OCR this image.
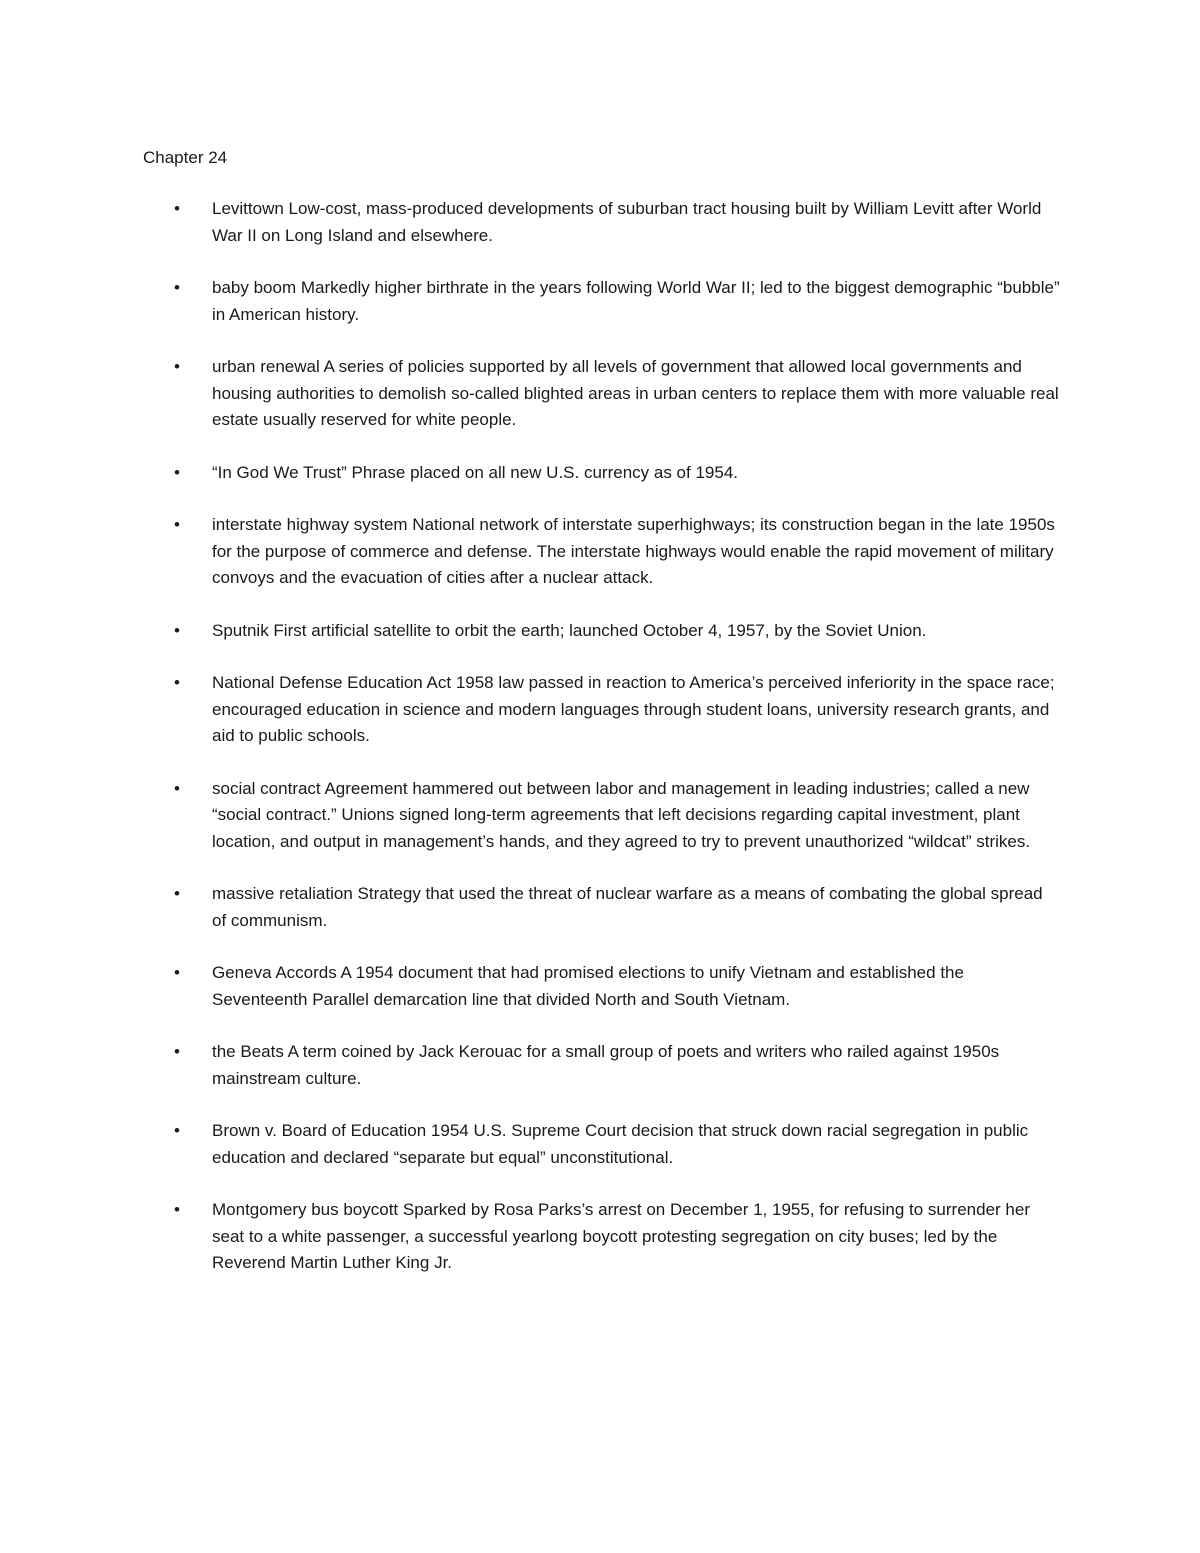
Chapter 24
• Levittown Low-cost, mass-produced developments of suburban tract housing built by William Levitt after World War II on Long Island and elsewhere.
• baby boom Markedly higher birthrate in the years following World War II; led to the biggest demographic “bubble” in American history.
• urban renewal A series of policies supported by all levels of government that allowed local governments and housing authorities to demolish so-called blighted areas in urban centers to replace them with more valuable real estate usually reserved for white people.
• “In God We Trust” Phrase placed on all new U.S. currency as of 1954.
• interstate highway system National network of interstate superhighways; its construction began in the late 1950s for the purpose of commerce and defense. The interstate highways would enable the rapid movement of military convoys and the evacuation of cities after a nuclear attack.
• Sputnik First artificial satellite to orbit the earth; launched October 4, 1957, by the Soviet Union.
• National Defense Education Act 1958 law passed in reaction to America’s perceived inferiority in the space race; encouraged education in science and modern languages through student loans, university research grants, and aid to public schools.
• social contract Agreement hammered out between labor and management in leading industries; called a new “social contract.” Unions signed long-term agreements that left decisions regarding capital investment, plant location, and output in management’s hands, and they agreed to try to prevent unauthorized “wildcat” strikes.
• massive retaliation Strategy that used the threat of nuclear warfare as a means of combating the global spread of communism.
• Geneva Accords A 1954 document that had promised elections to unify Vietnam and established the Seventeenth Parallel demarcation line that divided North and South Vietnam.
• the Beats A term coined by Jack Kerouac for a small group of poets and writers who railed against 1950s mainstream culture.
• Brown v. Board of Education 1954 U.S. Supreme Court decision that struck down racial segregation in public education and declared “separate but equal” unconstitutional.
• Montgomery bus boycott Sparked by Rosa Parks’s arrest on December 1, 1955, for refusing to surrender her seat to a white passenger, a successful yearlong boycott protesting segregation on city buses; led by the Reverend Martin Luther King Jr.
